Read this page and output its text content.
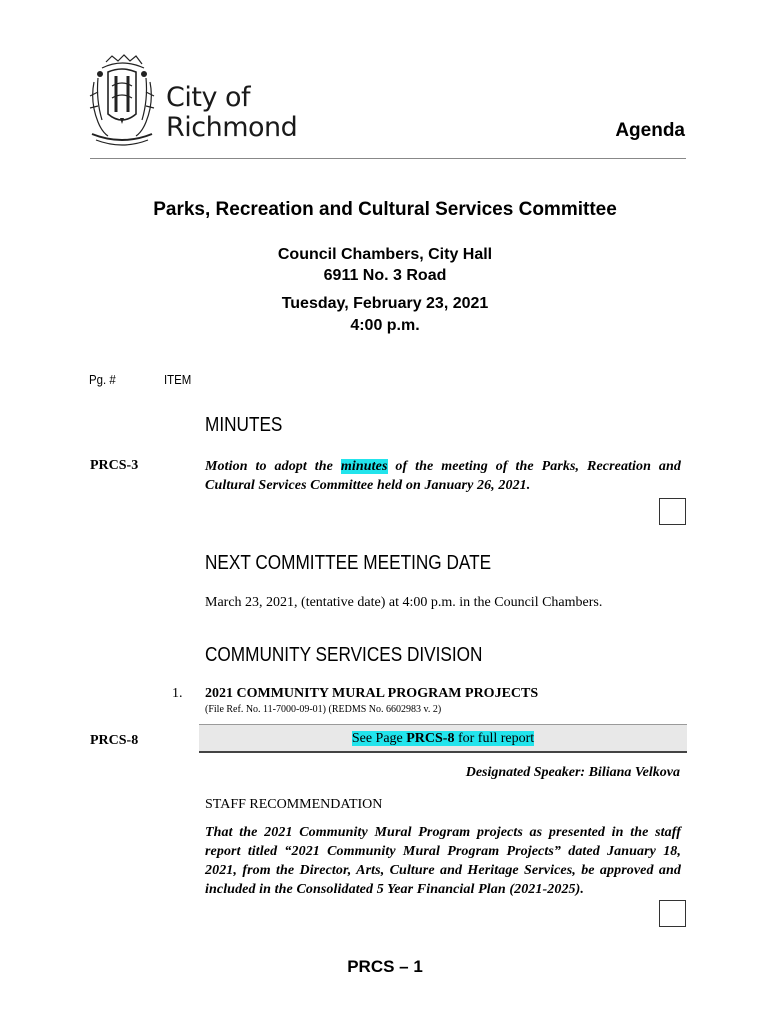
City of
Richmond	Agenda
Parks, Recreation and Cultural Services Committee
Council Chambers, City Hall
6911 No. 3 Road
Tuesday, February 23, 2021
4:00 p.m.
Pg. #	ITEM
MINUTES
PRCS-3	Motion to adopt the minutes of the meeting of the Parks, Recreation and Cultural Services Committee held on January 26, 2021.
NEXT COMMITTEE MEETING DATE
March 23, 2021, (tentative date) at 4:00 p.m. in the Council Chambers.
COMMUNITY SERVICES DIVISION
1. 2021 COMMUNITY MURAL PROGRAM PROJECTS
(File Ref. No. 11-7000-09-01) (REDMS No. 6602983 v. 2)
PRCS-8	See Page PRCS-8 for full report
Designated Speaker: Biliana Velkova
STAFF RECOMMENDATION
That the 2021 Community Mural Program projects as presented in the staff report titled “2021 Community Mural Program Projects” dated January 18, 2021, from the Director, Arts, Culture and Heritage Services, be approved and included in the Consolidated 5 Year Financial Plan (2021-2025).
PRCS – 1
